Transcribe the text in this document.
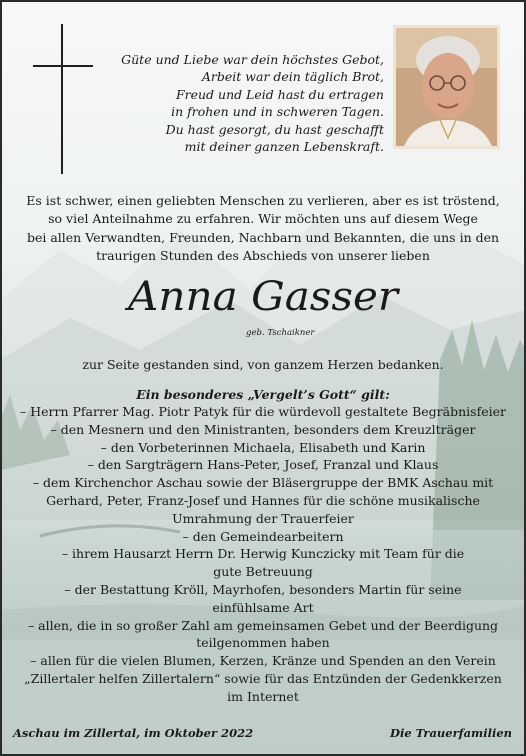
Güte und Liebe war dein höchstes Gebot,
Arbeit war dein täglich Brot,
Freud und Leid hast du ertragen
in frohen und in schweren Tagen.
Du hast gesorgt, du hast geschafft
mit deiner ganzen Lebenskraft.
Es ist schwer, einen geliebten Menschen zu verlieren, aber es ist tröstend,
so viel Anteilnahme zu erfahren. Wir möchten uns auf diesem Wege
bei allen Verwandten, Freunden, Nachbarn und Bekannten, die uns in den
traurigen Stunden des Abschieds von unserer lieben
Anna Gasser
geb. Tschaikner
zur Seite gestanden sind, von ganzem Herzen bedanken.
Ein besonderes „Vergelt’s Gott“ gilt:
– Herrn Pfarrer Mag. Piotr Patyk für die würdevoll gestaltete Begräbnisfeier
– den Mesnern und den Ministranten, besonders dem Kreuzlträger
– den Vorbeterinnen Michaela, Elisabeth und Karin
– den Sargträgern Hans-Peter, Josef, Franzal und Klaus
– dem Kirchenchor Aschau sowie der Bläsergruppe der BMK Aschau mit
Gerhard, Peter, Franz-Josef und Hannes für die schöne musikalische
Umrahmung der Trauerfeier
– den Gemeindearbeitern
– ihrem Hausarzt Herrn Dr. Herwig Kunczicky mit Team für die
gute Betreuung
– der Bestattung Kröll, Mayrhofen, besonders Martin für seine
einfühlsame Art
– allen, die in so großer Zahl am gemeinsamen Gebet und der Beerdigung
teilgenommen haben
– allen für die vielen Blumen, Kerzen, Kränze und Spenden an den Verein
„Zillertaler helfen Zillertalern“ sowie für das Entzünden der Gedenkkerzen
im Internet
Aschau im Zillertal, im Oktober 2022	Die Trauerfamilien
